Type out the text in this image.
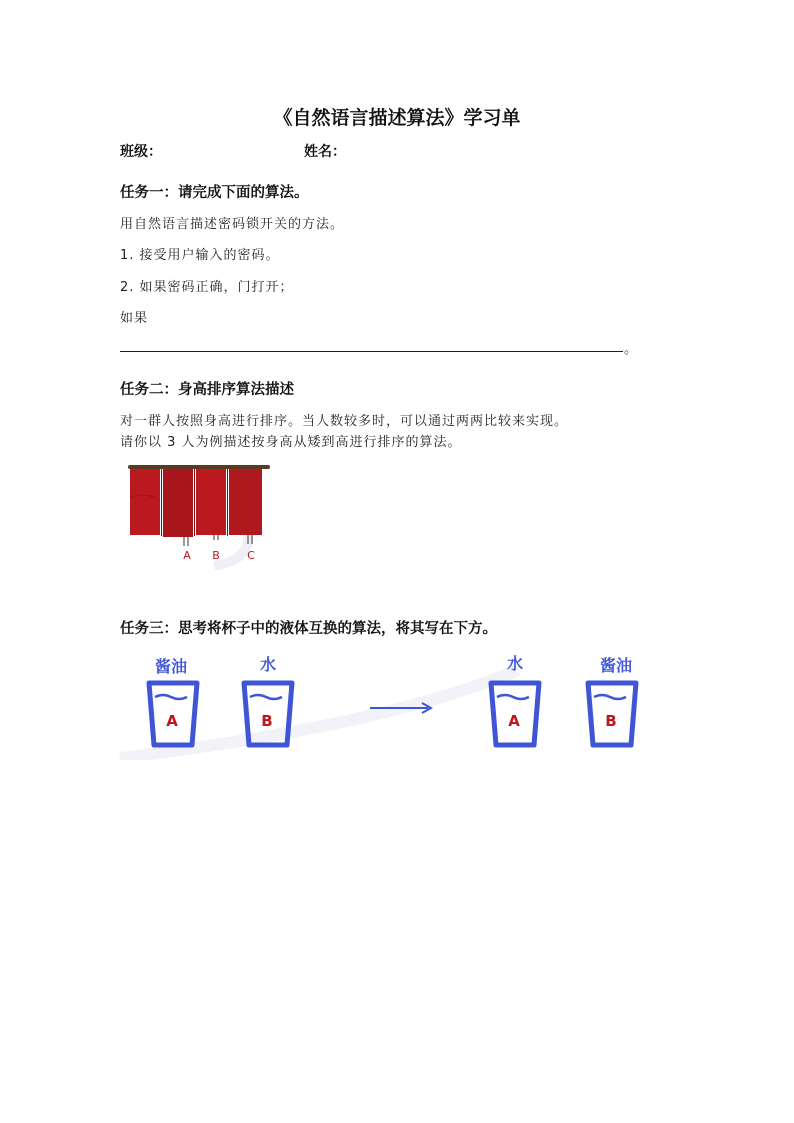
《自然语言描述算法》学习单
班级：	姓名：
任务一：请完成下面的算法。
用自然语言描述密码锁开关的方法。
1. 接受用户输入的密码。
2. 如果密码正确，门打开；
如果
。
任务二：身高排序算法描述
对一群人按照身高进行排序。当人数较多时，可以通过两两比较来实现。
请你以 3 人为例描述按身高从矮到高进行排序的算法。
A B C
任务三：思考将杯子中的液体互换的算法，将其写在下方。
酱油
A
水
B
水
A
酱油
B
